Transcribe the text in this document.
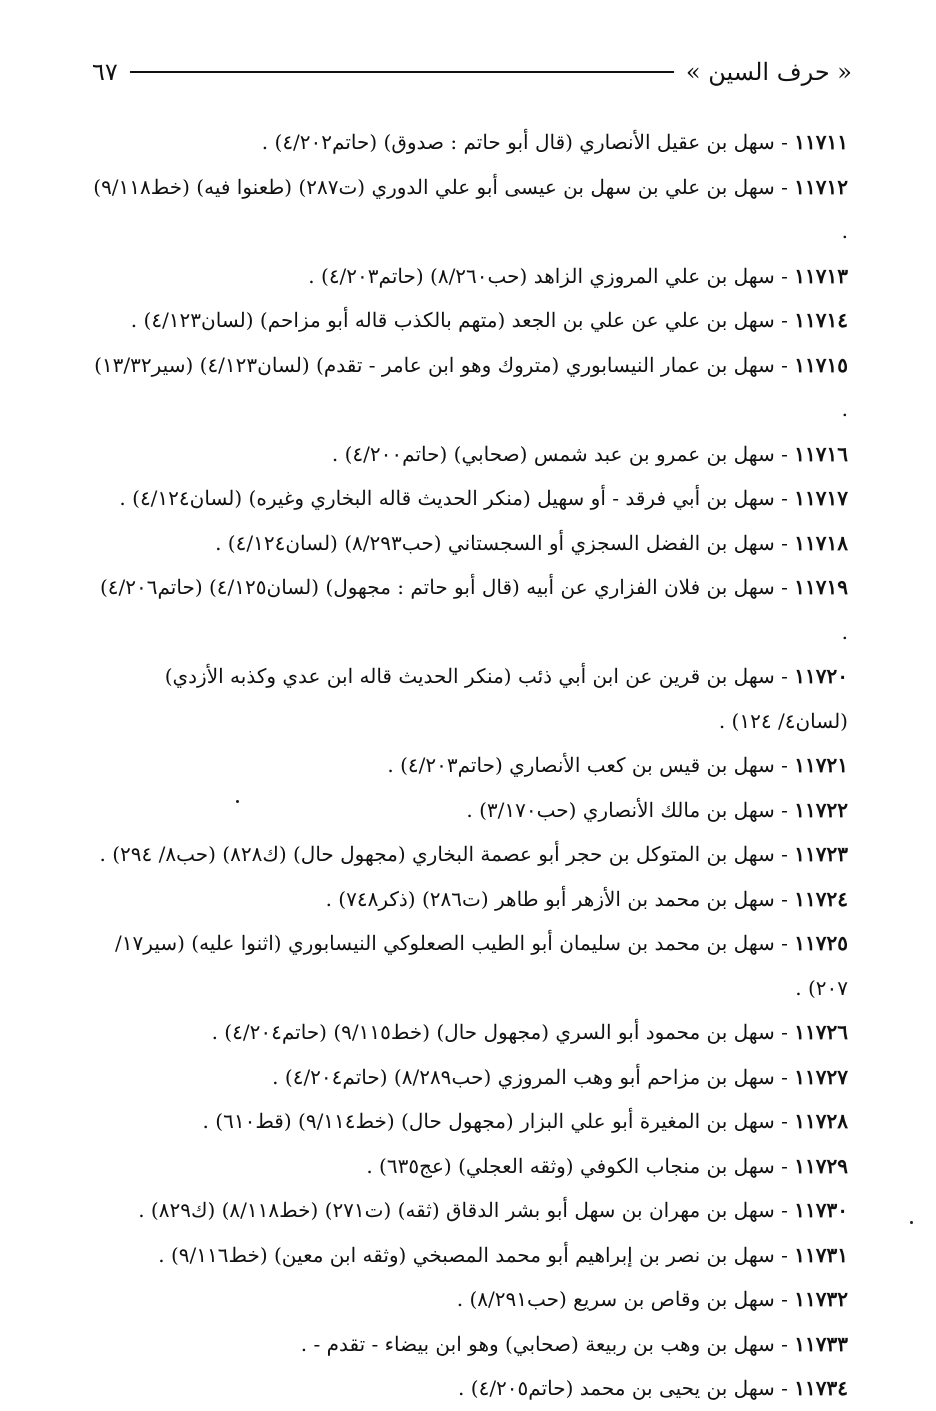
« حرف السين »
٦٧
١١٧١١ - سهل بن عقيل الأنصاري (قال أبو حاتم : صدوق) (حاتم٤/٢٠٢) .
١١٧١٢ - سهل بن علي بن سهل بن عيسى أبو علي الدوري (ت٢٨٧) (طعنوا فيه) (خط٩/١١٨) .
١١٧١٣ - سهل بن علي المروزي الزاهد (حب٨/٢٦٠) (حاتم٤/٢٠٣) .
١١٧١٤ - سهل بن علي عن علي بن الجعد (متهم بالكذب قاله أبو مزاحم) (لسان٤/١٢٣) .
١١٧١٥ - سهل بن عمار النيسابوري (متروك وهو ابن عامر - تقدم) (لسان٤/١٢٣) (سير١٣/٣٢) .
١١٧١٦ - سهل بن عمرو بن عبد شمس (صحابي) (حاتم٤/٢٠٠) .
١١٧١٧ - سهل بن أبي فرقد - أو سهيل (منكر الحديث قاله البخاري وغيره) (لسان٤/١٢٤) .
١١٧١٨ - سهل بن الفضل السجزي أو السجستاني (حب٨/٢٩٣) (لسان٤/١٢٤) .
١١٧١٩ - سهل بن فلان الفزاري عن أبيه (قال أبو حاتم : مجهول) (لسان٤/١٢٥) (حاتم٤/٢٠٦) .
١١٧٢٠ - سهل بن قرين عن ابن أبي ذئب (منكر الحديث قاله ابن عدي وكذبه الأزدي) (لسان٤/ ١٢٤) .
١١٧٢١ - سهل بن قيس بن كعب الأنصاري (حاتم٤/٢٠٣) .
١١٧٢٢ - سهل بن مالك الأنصاري (حب٣/١٧٠) .
١١٧٢٣ - سهل بن المتوكل بن حجر أبو عصمة البخاري (مجهول حال) (ك٨٢٨) (حب٨/ ٢٩٤) .
١١٧٢٤ - سهل بن محمد بن الأزهر أبو طاهر (ت٢٨٦) (ذكر٧٤٨) .
١١٧٢٥ - سهل بن محمد بن سليمان أبو الطيب الصعلوكي النيسابوري (اثنوا عليه) (سير١٧/ ٢٠٧) .
١١٧٢٦ - سهل بن محمود أبو السري (مجهول حال) (خط٩/١١٥) (حاتم٤/٢٠٤) .
١١٧٢٧ - سهل بن مزاحم أبو وهب المروزي (حب٨/٢٨٩) (حاتم٤/٢٠٤) .
١١٧٢٨ - سهل بن المغيرة أبو علي البزار (مجهول حال) (خط٩/١١٤) (قط٦١٠) .
١١٧٢٩ - سهل بن منجاب الكوفي (وثقه العجلي) (عج٦٣٥) .
١١٧٣٠ - سهل بن مهران بن سهل أبو بشر الدقاق (ثقه) (ت٢٧١) (خط٨/١١٨) (ك٨٢٩) .
١١٧٣١ - سهل بن نصر بن إبراهيم أبو محمد المصبخي (وثقه ابن معين) (خط٩/١١٦) .
١١٧٣٢ - سهل بن وقاص بن سريع (حب٨/٢٩١) .
١١٧٣٣ - سهل بن وهب بن ربيعة (صحابي) وهو ابن بيضاء - تقدم - .
١١٧٣٤ - سهل بن يحيى بن محمد (حاتم٤/٢٠٥) .
